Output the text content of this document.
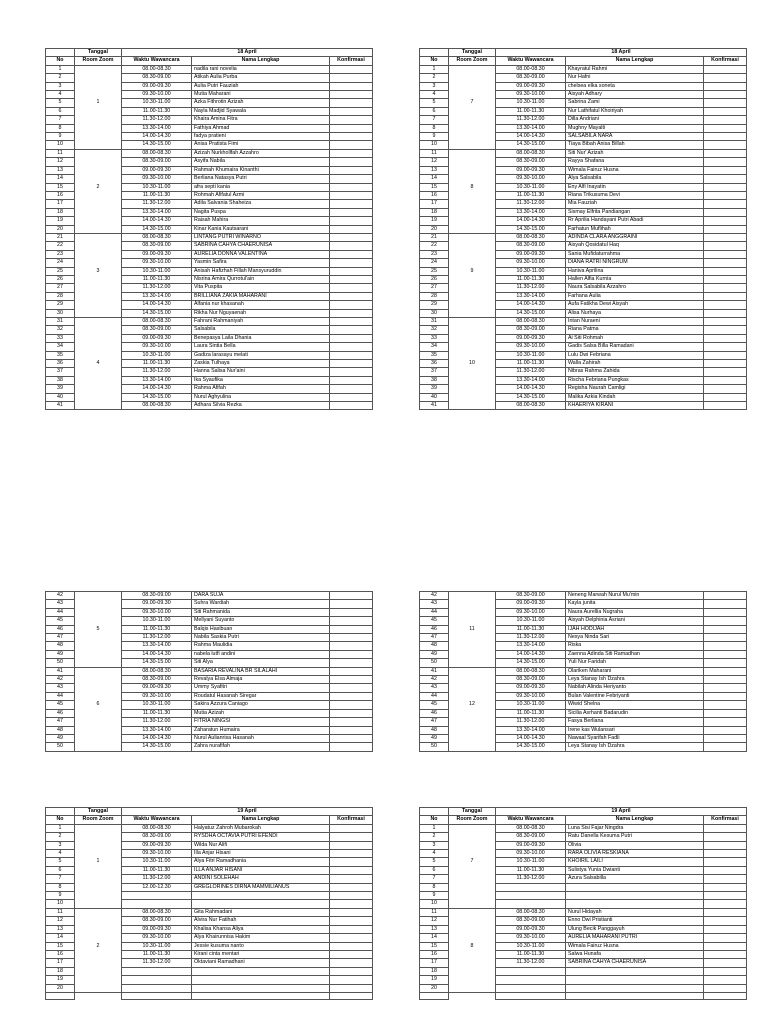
	Tanggal	18 April		
No	Room Zoom	Waktu Wawancara	Nama Lengkap	Konfirmasi
1		08.00-08.30	nadila rani novelia	
2		08.30-09.00	Atikah Aulia Purba	
3		09.00-09.30	Aulia Putri Fauziah	
4		09.30-10.00	Mutia Maharani	
5	1	10.30-11.00	Azka Fithrotin Azizah	
6		11.00-11.30	Nayla Madjid Syawala	
7		11.30-12.00	Khaira Amina Fitra	
8		13.30-14.00	Fathiya Ahmad	
9		14.00-14.30	fadya pratieni	
10		14.30-15.00	Anisa Pratista Fimi	
11		08.00-08.30	Azizah Nurkhollfah Azzahro	
12		08.30-09.00	Asyifa Nabila	
13		09.00-09.30	Rahmah Khumaira Kinanthi	
14		09.30-10.00	Berliana Natasya Putri	
15	2	10.30-11.00	afra septi kania	
16		11.00-11.30	Rohmah Afifatul Azmi	
17		11.30-12.00	Adila Salvania Shaheiza	
18		13.30-14.00	Nagita Puspa	
19		14.00-14.30	Raisah Mahira	
20		14.30-15.00	Kinar Kania Kautsarani	
21		08.00-08.30	LINTANG PUTRI WINARNO	
22		08.30-09.00	SABRINA CAHYA CHAERUNISA	
23		09.00-09.30	AURELIA DONNA VALENTINA	
24		09.30-10.00	Yasmin Safira	
25	3	10.30-11.00	Anisah Hafizhah Fillah Mansyuruddin	
26		11.00-11.30	Nisrina Amira Qurrotul'ain	
27		11.30-12.00	Vita Puspita	
28		13.30-14.00	BRILLIANA ZAKIA MAHARANI	
29		14.00-14.30	Alfania nur khasanah	
30		14.30-15.00	Rikha Nur Nguyaenah	
31		08.00-08.30	Fahrani Rahmaniyah	
32		08.30-09.00	Salsabila	
33		09.00-09.30	Benepasya Laila Dhania	
34		09.30-10.00	Laura Sintia Bella	
35		10.30-11.00	Gadiza larasayu melati	
36	4	11.00-11.30	Zaskia Tulhaya	
37		11.30-12.00	Hanna Salisa Nur'aini	
38		13.30-14.00	Ika Syaufika	
39		14.00-14.30	Rahma Afifah	
40		14.30-15.00	Nurul Aghyulina	
41		08.00-08.30	Adhara Silvia Rezka	
	Tanggal	18 April		
No	Room Zoom	Waktu Wawancara	Nama Lengkap	Konfirmasi
1		08.00-08.30	Khayratul Rahmi	
2		08.30-09.00	Nur Hafni	
3		09.00-09.30	chelsea elka soneta	
4		09.30-10.00	Aisyah Adhary	
5	7	10.30-11.00	Sabrina Zami	
6		11.00-11.30	Nur Lathifatul Khoiriyah	
7		11.30-12.00	Dilla Andriani	
8		13.30-14.00	Mughny Mayalti	
9		14.00-14.30	SALSABILA NARA	
10		14.30-15.00	Tiaya Bibah Anisa Billah	
11		08.00-08.30	Siti Nur' Azizah	
12		08.30-09.00	Rayya Shafana	
13		09.00-09.30	Wimala Fairuz Husna	
14		09.30-10.00	Alya Salsabila	
15	8	10.30-11.00	Eny Alfi Inayatin	
16		11.00-11.30	Riana Trikusuma Devi	
17		11.30-12.00	Mia Fauziah	
18		13.30-14.00	Sismay Elfrita Pandiangan	
19		14.00-14.30	Rr Aprilia Handayani Putri Abadi	
20		14.30-15.00	Farhatun Muflihah	
21		08.00-08.30	ADINDA CLARA ANGGRAINI	
22		08.30-09.00	Aisyah Qosidatul Haq	
23		09.00-09.30	Sania Mufidaturrahma	
24		09.30-10.00	DIANA RATRI NINGRUM	
25	9	10.30-11.00	Haniva Aprilina	
26		11.00-11.30	Hallen Alfia Kurnia	
27		11.30-12.00	Naura Salsabila Azzahro	
28		13.30-14.00	Farhana Aulia	
29		14.00-14.30	Aufa Fatikha Dewi Aisyah	
30		14.30-15.00	Alisa Nurhaya	
31		08.00-08.30	Intan Nuraeni	
32		08.30-09.00	Riana Patma	
33		09.00-09.30	Ai Siti Rohmah	
34		09.30-10.00	Gadis Salsa Billa Ramadani	
35		10.30-11.00	Lulu Dwi Febriana	
36	10	11.00-11.30	Walla Zahirah	
37		11.30-12.00	Nibras Rahma Zahida	
38		13.30-14.00	Rischa Febriana Pungkas	
39		14.00-14.30	Regisha Naurah Camligi	
40		14.30-15.00	Malika Azkia Kindah	
41		08.00-08.30	KHAERIYA KIRANI	
42		08.30-09.00	DARA SUJA	
43		09.00-09.30	Suhra Wardiah	
44		09.30-10.00	Siti Rahmanida	
45		10.30-11.00	Mellyani Suyanto	
46	5	11.00-11.30	Balqis Hasibuan	
47		11.30-12.00	Nabila Saskia Putri	
48		13.30-14.00	Rahma Maulidia	
49		14.00-14.30	nabela lutfi andini	
50		14.30-15.00	Siti Alya	
41		08.00-08.30	BASARIA REVALINA BR SILALAHI	
42		08.30-09.00	Revalya Elsa Almaja	
43		09.00-09.30	Ummy Syafitri	
44		09.30-10.00	Roudatul Hasanah Siregar	
45	6	10.30-11.00	Sakira Azzura Caniago	
46		11.00-11.30	Mutia Azizah	
47		11.30-12.00	FITRIA NINGSI	
48		13.30-14.00	Zaharatun Humaira	
49		14.00-14.30	Nurul Aulianrisa Hasanah	
50		14.30-15.00	Zahra nurafifah	
42		08.30-09.00	Neneng Marwah Nurul Mu'min	
43		09.00-09.30	Kayla junita	
44		09.30-10.00	Naura Aurellia Nugraha	
45		10.30-11.00	Aisyah Delphinia Asriani	
46	11	11.00-11.30	IJAH HODIJAH	
47		11.30-12.00	Nesya Ninda Sari	
48		13.30-14.00	Riska	
49		14.00-14.30	Zaenna Adinda Siti Ramadhan	
50		14.30-15.00	Yuli Nur Faridah	
41		08.00-08.30	Olariken Maharani	
42		08.30-09.00	Leya Stanay Ish Dzahra	
43		09.00-09.30	Nabilah Alinda Heriyanto	
44		09.30-10.00	Bulan Valentine Febriyanti	
45	12	10.30-11.00	Wiwid Shelna	
46		11.00-11.30	Sicilia Asrhanti Badarudin	
47		11.30-12.00	Fasya Berliana	
48		13.30-14.00	Irene kas Wulansari	
49		14.00-14.30	Nawaal Syarifah Fadli	
50		14.30-15.00	Leya Stanay Ish Dzahra	
	Tanggal	19 April		
No	Room Zoom	Waktu Wawancara	Nama Lengkap	Konfirmasi
1		08.00-08.30	Halyatuz Zahroh Mubarokah	
2		08.30-09.00	RYSDHA OCTAVIA PUTRI EFENDI	
3		09.00-09.30	Wilda Nur Alifi	
4		09.30-10.00	Illa Anjar Hisani	
5	1	10.30-11.00	Alya Fitri Ramadhania	
6		11.00-11.30	ILLA ANJAR HISANI	
7		11.30-12.00	ANDINI SOLEHAH	
8		12.00-12.30	GREGLORINES DIRNA MAMMILIANUS	
9				
10				
11		08.00-08.30	Gita Rahmadani	
12		08.30-09.00	Alvira Nur Fatihah	
13		09.00-09.30	Khalisa Khansa Aliya	
14		09.30-10.00	Alya Khairunnisa Hakim	
15	2	10.30-11.00	Jessie kusuma nanto	
16		11.00-11.30	Kirani cinta mentari	
17		11.30-12.00	Oktaviani Ramadhani	
18				
19				
20				

	Tanggal	19 April		
No	Room Zoom	Waktu Wawancara	Nama Lengkap	Konfirmasi
1		08.00-08.30	Luna Sisi Fajar Ningdra	
2		08.30-09.00	Ratu Danella Kesuma Putri	
3		09.00-09.30	Olivia	
4		09.30-10.00	RARA OLIVIA RESKIANA	
5	7	10.30-11.00	KHOIRIL LAILI	
6		11.00-11.30	Sulistya Yunia Dwianti	
7		11.30-12.00	Azura Salsabilla	
8				
9				
10				
11		08.00-08.30	Nurul Hidayah	
12		08.30-09.00	Enno Dwi Pristianti	
13		09.00-09.30	Ulung Becik Panggayuh	
14		09.30-10.00	AURELIA MAHARANI PUTRI	
15	8	10.30-11.00	Wimala Fairuz Husna	
16		11.00-11.30	Salwa Hunafa	
17		11.30-12.00	SABRINA CAHYA CHAERUNISA	
18				
19				
20				
